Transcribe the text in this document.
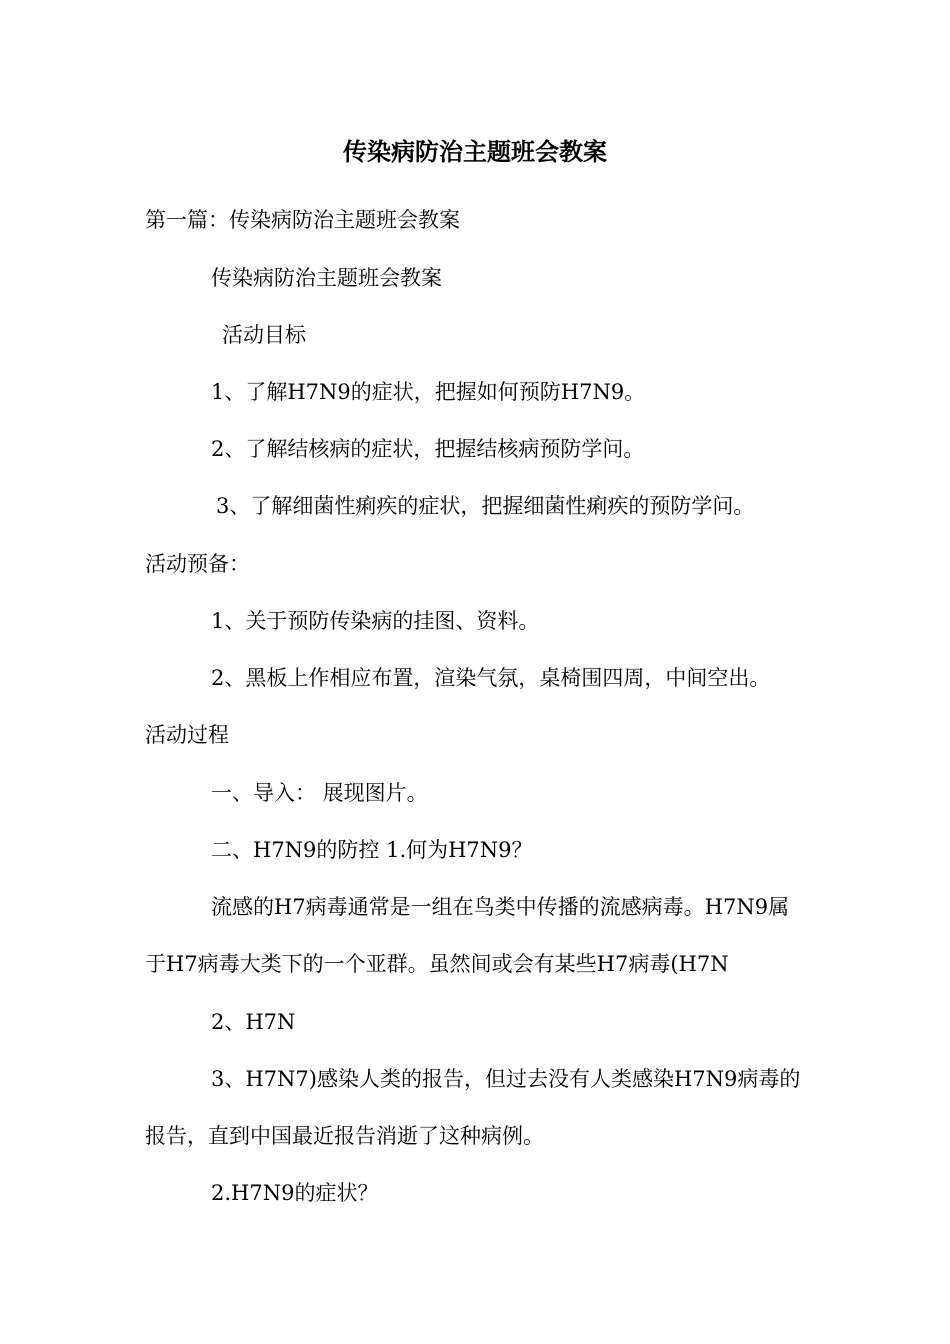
传染病防治主题班会教案
第一篇：传染病防治主题班会教案
传染病防治主题班会教案
活动目标
1、了解H7N9的症状，把握如何预防H7N9。
2、了解结核病的症状，把握结核病预防学问。
3、了解细菌性痢疾的症状，把握细菌性痢疾的预防学问。
活动预备：
1、关于预防传染病的挂图、资料。
2、黑板上作相应布置，渲染气氛，桌椅围四周，中间空出。
活动过程
一、导入： 展现图片。
二、H7N9的防控 1.何为H7N9？
流感的H7病毒通常是一组在鸟类中传播的流感病毒。H7N9属
于H7病毒大类下的一个亚群。虽然间或会有某些H7病毒(H7N
2、H7N
3、H7N7)感染人类的报告，但过去没有人类感染H7N9病毒的
报告，直到中国最近报告消逝了这种病例。
2.H7N9的症状？
